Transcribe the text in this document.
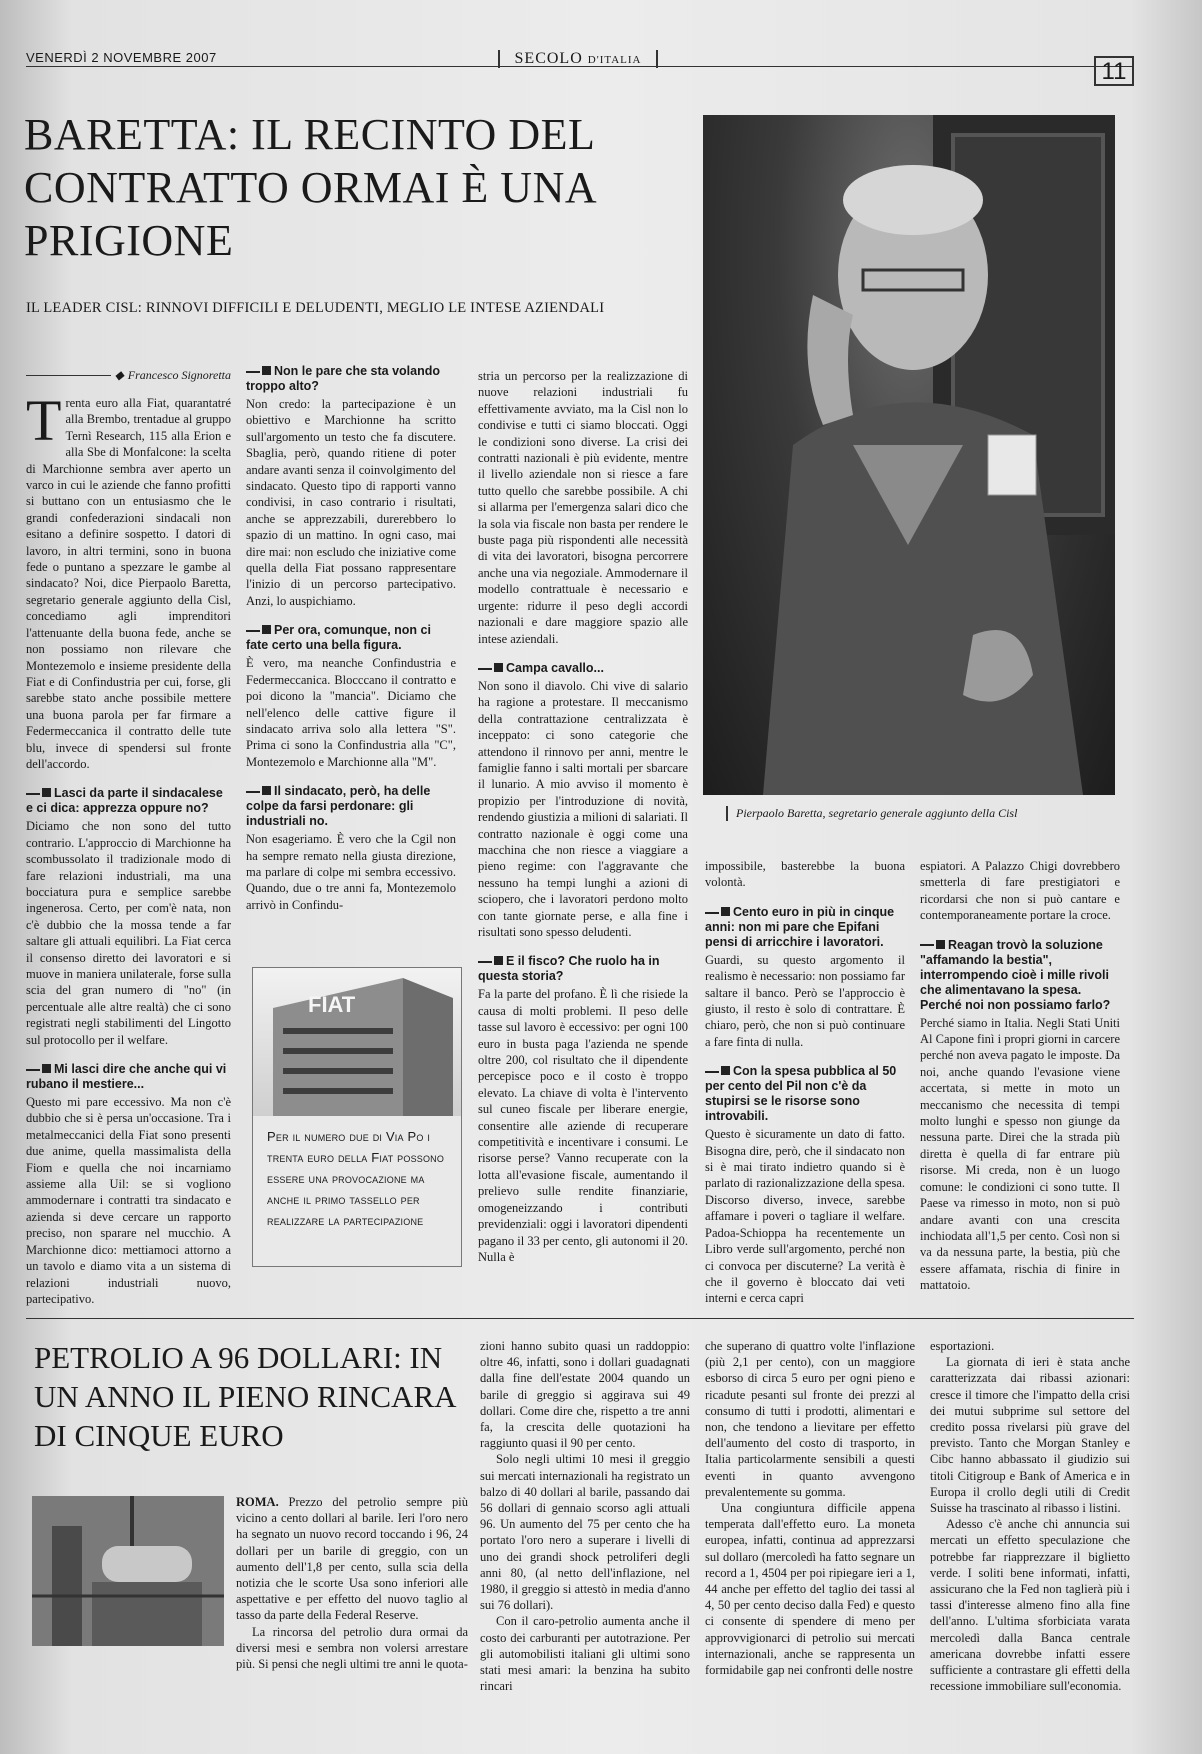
VENERDÌ 2 NOVEMBRE 2007	SECOLO D'ITALIA	11
BARETTA: IL RECINTO DEL CONTRATTO ORMAI È UNA PRIGIONE
IL LEADER CISL: RINNOVI DIFFICILI E DELUDENTI, MEGLIO LE INTESE AZIENDALI
Pierpaolo Baretta, segretario generale aggiunto della Cisl
◆ Francesco Signoretta

Trenta euro alla Fiat, quarantatré alla Brembo, trentadue al gruppo Ternì Research, 115 alla Erion e alla Sbe di Monfalcone: la scelta di Marchionne sembra aver aperto un varco in cui le aziende che fanno profitti si buttano con un entusiasmo che le grandi confederazioni sindacali non esitano a definire sospetto. I datori di lavoro, in altri termini, sono in buona fede o puntano a spezzare le gambe al sindacato? Noi, dice Pierpaolo Baretta, segretario generale aggiunto della Cisl, concediamo agli imprenditori l'attenuante della buona fede, anche se non possiamo non rilevare che Montezemolo e insieme presidente della Fiat e di Confindustria per cui, forse, gli sarebbe stato anche possibile mettere una buona parola per far firmare a Federmeccanica il contratto delle tute blu, invece di spendersi sul fronte dell'accordo.

Lasci da parte il sindacalese e ci dica: apprezza oppure no?

Diciamo che non sono del tutto contrario. L'approccio di Marchionne ha scombussolato il tradizionale modo di fare relazioni industriali, ma una bocciatura pura e semplice sarebbe ingenerosa. Certo, per com'è nata, non c'è dubbio che la mossa tende a far saltare gli attuali equilibri. La Fiat cerca il consenso diretto dei lavoratori e si muove in maniera unilaterale, forse sulla scia del gran numero di "no" (in percentuale alle altre realtà) che ci sono registrati negli stabilimenti del Lingotto sul protocollo per il welfare.

Mi lasci dire che anche qui vi rubano il mestiere...

Questo mi pare eccessivo. Ma non c'è dubbio che si è persa un'occasione. Tra i metalmeccanici della Fiat sono presenti due anime, quella massimalista della Fiom e quella che noi incarniamo assieme alla Uil: se si vogliono ammodernare i contratti tra sindacato e azienda si deve cercare un rapporto preciso, non sparare nel mucchio. A Marchionne dico: mettiamoci attorno a un tavolo e diamo vita a un sistema di relazioni industriali nuovo, partecipativo.

Non le pare che sta volando troppo alto?

Non credo: la partecipazione è un obiettivo e Marchionne ha scritto sull'argomento un testo che fa discutere. Sbaglia, però, quando ritiene di poter andare avanti senza il coinvolgimento del sindacato. Questo tipo di rapporti vanno condivisi, in caso contrario i risultati, anche se apprezzabili, durerebbero lo spazio di un mattino. In ogni caso, mai dire mai: non escludo che iniziative come quella della Fiat possano rappresentare l'inizio di un percorso partecipativo. Anzi, lo auspichiamo.

Per ora, comunque, non ci fate certo una bella figura.

È vero, ma neanche Confindustria e Federmeccanica. Blocccano il contratto e poi dicono la "mancia". Diciamo che nell'elenco delle cattive figure il sindacato arriva solo alla lettera "S". Prima ci sono la Confindustria alla "C", Montezemolo e Marchionne alla "M".

Il sindacato, però, ha delle colpe da farsi perdonare: gli industriali no.

Non esageriamo. È vero che la Cgil non ha sempre remato nella giusta direzione, ma parlare di colpe mi sembra eccessivo. Quando, due o tre anni fa, Montezemolo arrivò in Confindu-

FIAT
Per il numero due di Via Po i trenta euro della Fiat possono essere una provocazione ma anche il primo tassello per realizzare la partecipazione

stria un percorso per la realizzazione di nuove relazioni industriali fu effettivamente avviato, ma la Cisl non lo condivise e tutti ci siamo bloccati. Oggi le condizioni sono diverse. La crisi dei contratti nazionali è più evidente, mentre il livello aziendale non si riesce a fare tutto quello che sarebbe possibile. A chi si allarma per l'emergenza salari dico che la sola via fiscale non basta per rendere le buste paga più rispondenti alle necessità di vita dei lavoratori, bisogna percorrere anche una via negoziale. Ammodernare il modello contrattuale è necessario e urgente: ridurre il peso degli accordi nazionali e dare maggiore spazio alle intese aziendali.

Campa cavallo...

Non sono il diavolo. Chi vive di salario ha ragione a protestare. Il meccanismo della contrattazione centralizzata è inceppato: ci sono categorie che attendono il rinnovo per anni, mentre le famiglie fanno i salti mortali per sbarcare il lunario. A mio avviso il momento è propizio per l'introduzione di novità, rendendo giustizia a milioni di salariati. Il contratto nazionale è oggi come una macchina che non riesce a viaggiare a pieno regime: con l'aggravante che nessuno ha tempi lunghi a azioni di sciopero, che i lavoratori perdono molto con tante giornate perse, e alla fine i risultati sono spesso deludenti.

E il fisco? Che ruolo ha in questa storia?

Fa la parte del profano. È lì che risiede la causa di molti problemi. Il peso delle tasse sul lavoro è eccessivo: per ogni 100 euro in busta paga l'azienda ne spende oltre 200, col risultato che il dipendente percepisce poco e il costo è troppo elevato. La chiave di volta è l'intervento sul cuneo fiscale per liberare energie, consentire alle aziende di recuperare competitività e incentivare i consumi. Le risorse perse? Vanno recuperate con la lotta all'evasione fiscale, aumentando il prelievo sulle rendite finanziarie, omogeneizzando i contributi previdenziali: oggi i lavoratori dipendenti pagano il 33 per cento, gli autonomi il 20. Nulla è

impossibile, basterebbe la buona volontà.

Cento euro in più in cinque anni: non mi pare che Epifani pensi di arricchire i lavoratori.

Guardi, su questo argomento il realismo è necessario: non possiamo far saltare il banco. Però se l'approccio è giusto, il resto è solo di contrattare. È chiaro, però, che non si può continuare a fare finta di nulla.

Con la spesa pubblica al 50 per cento del Pil non c'è da stupirsi se le risorse sono introvabili.

Questo è sicuramente un dato di fatto. Bisogna dire, però, che il sindacato non si è mai tirato indietro quando si è parlato di razionalizzazione della spesa. Discorso diverso, invece, sarebbe affamare i poveri o tagliare il welfare. Padoa-Schioppa ha recentemente un Libro verde sull'argomento, perché non ci convoca per discuterne? La verità è che il governo è bloccato dai veti interni e cerca capri

espiatori. A Palazzo Chigi dovrebbero smetterla di fare prestigiatori e ricordarsi che non si può cantare e contemporaneamente portare la croce.

Reagan trovò la soluzione "affamando la bestia", interrompendo cioè i mille rivoli che alimentavano la spesa. Perché noi non possiamo farlo?

Perché siamo in Italia. Negli Stati Uniti Al Capone finì i propri giorni in carcere perché non aveva pagato le imposte. Da noi, anche quando l'evasione viene accertata, si mette in moto un meccanismo che necessita di tempi molto lunghi e spesso non giunge da nessuna parte. Direi che la strada più diretta è quella di far entrare più risorse. Mi creda, non è un luogo comune: le condizioni ci sono tutte. Il Paese va rimesso in moto, non si può andare avanti con una crescita inchiodata all'1,5 per cento. Così non si va da nessuna parte, la bestia, più che essere affamata, rischia di finire in mattatoio.

PETROLIO A 96 DOLLARI: IN UN ANNO IL PIENO RINCARA DI CINQUE EURO

ROMA. Prezzo del petrolio sempre più vicino a cento dollari al barile. Ieri l'oro nero ha segnato un nuovo record toccando i 96, 24 dollari per un barile di greggio, con un aumento dell'1,8 per cento, sulla scia della notizia che le scorte Usa sono inferiori alle aspettative e per effetto del nuovo taglio al tasso da parte della Federal Reserve.

La rincorsa del petrolio dura ormai da diversi mesi e sembra non volersi arrestare più. Si pensi che negli ultimi tre anni le quota-

zioni hanno subito quasi un raddoppio: oltre 46, infatti, sono i dollari guadagnati dalla fine dell'estate 2004 quando un barile di greggio si aggirava sui 49 dollari. Come dire che, rispetto a tre anni fa, la crescita delle quotazioni ha raggiunto quasi il 90 per cento.

Solo negli ultimi 10 mesi il greggio sui mercati internazionali ha registrato un balzo di 40 dollari al barile, passando dai 56 dollari di gennaio scorso agli attuali 96. Un aumento del 75 per cento che ha portato l'oro nero a superare i livelli di uno dei grandi shock petroliferi degli anni 80, (al netto dell'inflazione, nel 1980, il greggio si attestò in media d'anno sui 76 dollari).

Con il caro-petrolio aumenta anche il costo dei carburanti per autotrazione. Per gli automobilisti italiani gli ultimi sono stati mesi amari: la benzina ha subito rincari

che superano di quattro volte l'inflazione (più 2,1 per cento), con un maggiore esborso di circa 5 euro per ogni pieno e ricadute pesanti sul fronte dei prezzi al consumo di tutti i prodotti, alimentari e non, che tendono a lievitare per effetto dell'aumento del costo di trasporto, in Italia particolarmente sensibili a questi eventi in quanto avvengono prevalentemente su gomma.

Una congiuntura difficile appena temperata dall'effetto euro. La moneta europea, infatti, continua ad apprezzarsi sul dollaro (mercoledì ha fatto segnare un record a 1, 4504 per poi ripiegare ieri a 1, 44 anche per effetto del taglio dei tassi al 4, 50 per cento deciso dalla Fed) e questo ci consente di spendere di meno per approvvigionarci di petrolio sui mercati internazionali, anche se rappresenta un formidabile gap nei confronti delle nostre

esportazioni.

La giornata di ieri è stata anche caratterizzata dai ribassi azionari: cresce il timore che l'impatto della crisi dei mutui subprime sul settore del credito possa rivelarsi più grave del previsto. Tanto che Morgan Stanley e Cibc hanno abbassato il giudizio sui titoli Citigroup e Bank of America e in Europa il crollo degli utili di Credit Suisse ha trascinato al ribasso i listini.

Adesso c'è anche chi annuncia sui mercati un effetto speculazione che potrebbe far riapprezzare il biglietto verde. I soliti bene informati, infatti, assicurano che la Fed non taglierà più i tassi d'interesse almeno fino alla fine dell'anno. L'ultima sforbiciata varata mercoledì dalla Banca centrale americana dovrebbe infatti essere sufficiente a contrastare gli effetti della recessione immobiliare sull'economia.
